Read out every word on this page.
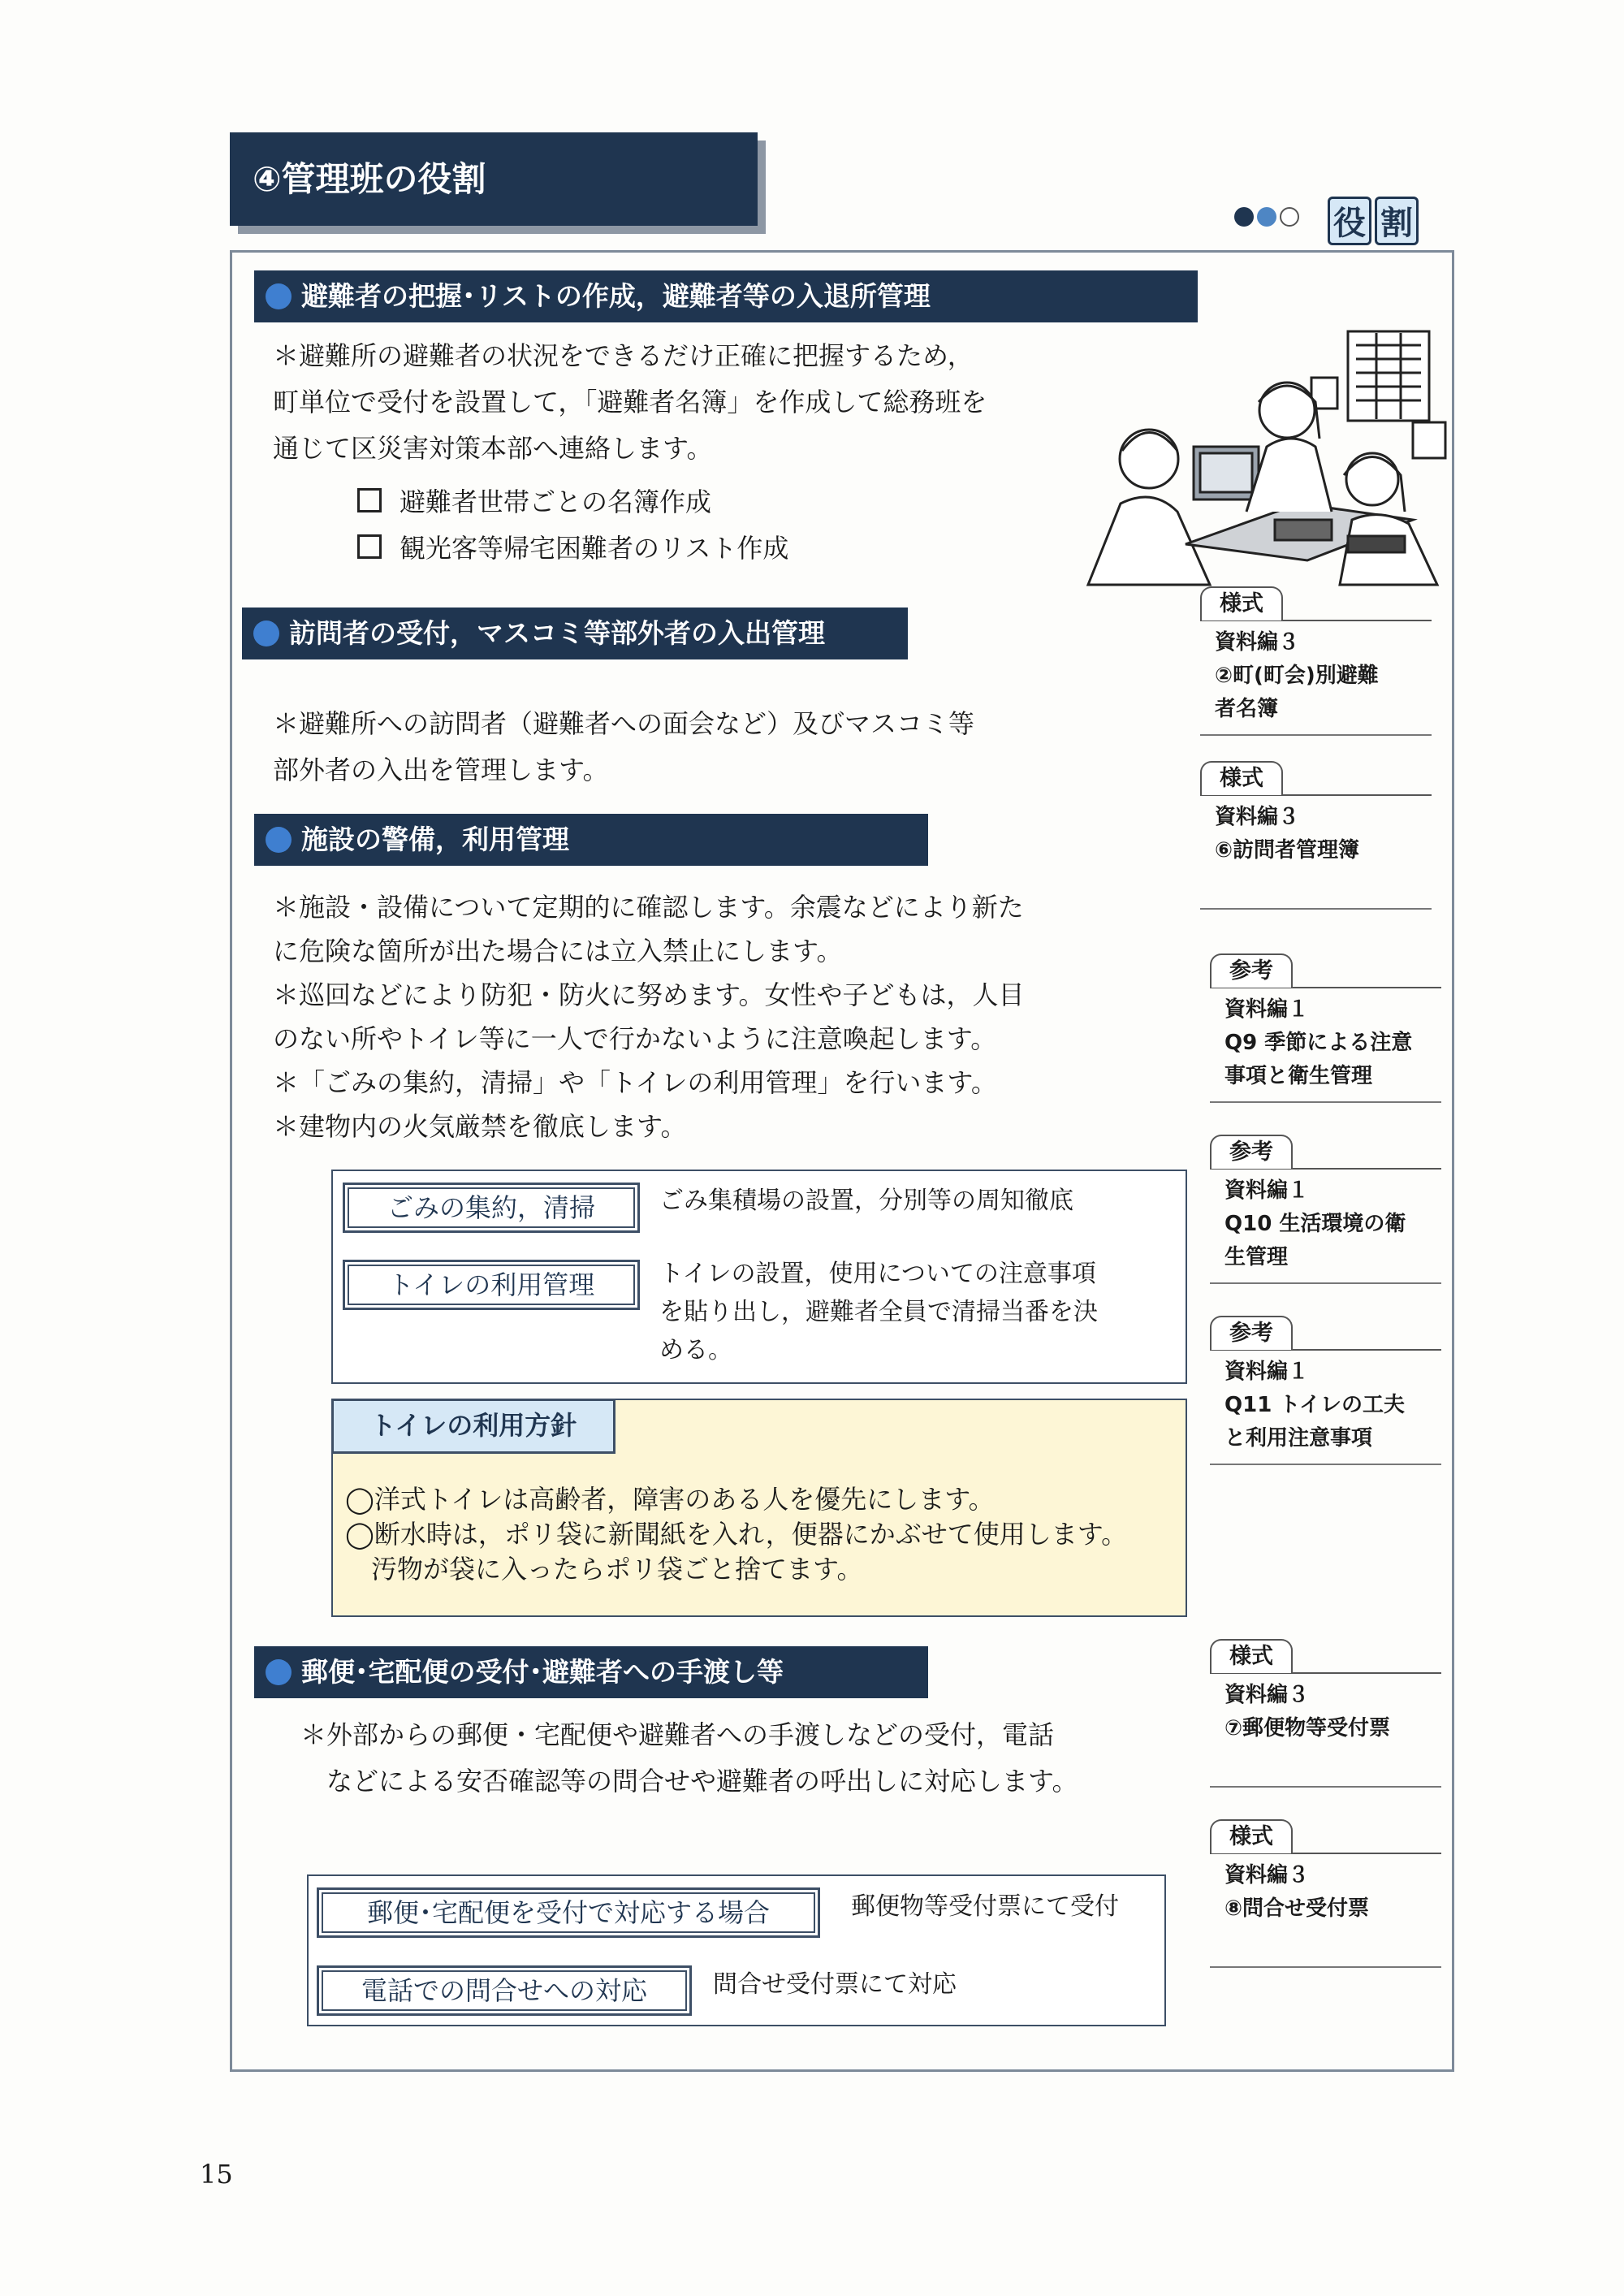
④管理班の役割
役 割
避難者の把握･リストの作成，避難者等の入退所管理
＊避難所の避難者の状況をできるだけ正確に把握するため，
町単位で受付を設置して，「避難者名簿」を作成して総務班を
通じて区災害対策本部へ連絡します。
避難者世帯ごとの名簿作成
観光客等帰宅困難者のリスト作成
訪問者の受付，マスコミ等部外者の入出管理
＊避難所への訪問者（避難者への面会など）及びマスコミ等
部外者の入出を管理します。
施設の警備，利用管理
＊施設・設備について定期的に確認します。余震などにより新た
に危険な箇所が出た場合には立入禁止にします。
＊巡回などにより防犯・防火に努めます。女性や子どもは，人目
のない所やトイレ等に一人で行かないように注意喚起します。
＊「ごみの集約，清掃」や「トイレの利用管理」を行います。
＊建物内の火気厳禁を徹底します。
ごみの集約，清掃	ごみ集積場の設置，分別等の周知徹底
トイレの利用管理	トイレの設置，使用についての注意事項
を貼り出し，避難者全員で清掃当番を決
める。
トイレの利用方針
◯洋式トイレは高齢者，障害のある人を優先にします。
◯断水時は，ポリ袋に新聞紙を入れ，便器にかぶせて使用します。
　汚物が袋に入ったらポリ袋ごと捨てます。
郵便･宅配便の受付･避難者への手渡し等
＊外部からの郵便・宅配便や避難者への手渡しなどの受付，電話
　などによる安否確認等の問合せや避難者の呼出しに対応します。
郵便･宅配便を受付で対応する場合	郵便物等受付票にて受付
電話での問合せへの対応	問合せ受付票にて対応
様式
資料編３
②町(町会)別避難
者名簿
様式
資料編３
⑥訪問者管理簿
参考
資料編１
Q9 季節による注意
事項と衛生管理
参考
資料編１
Q10 生活環境の衛
生管理
参考
資料編１
Q11 トイレの工夫
と利用注意事項
様式
資料編３
⑦郵便物等受付票
様式
資料編３
⑧問合せ受付票
15
